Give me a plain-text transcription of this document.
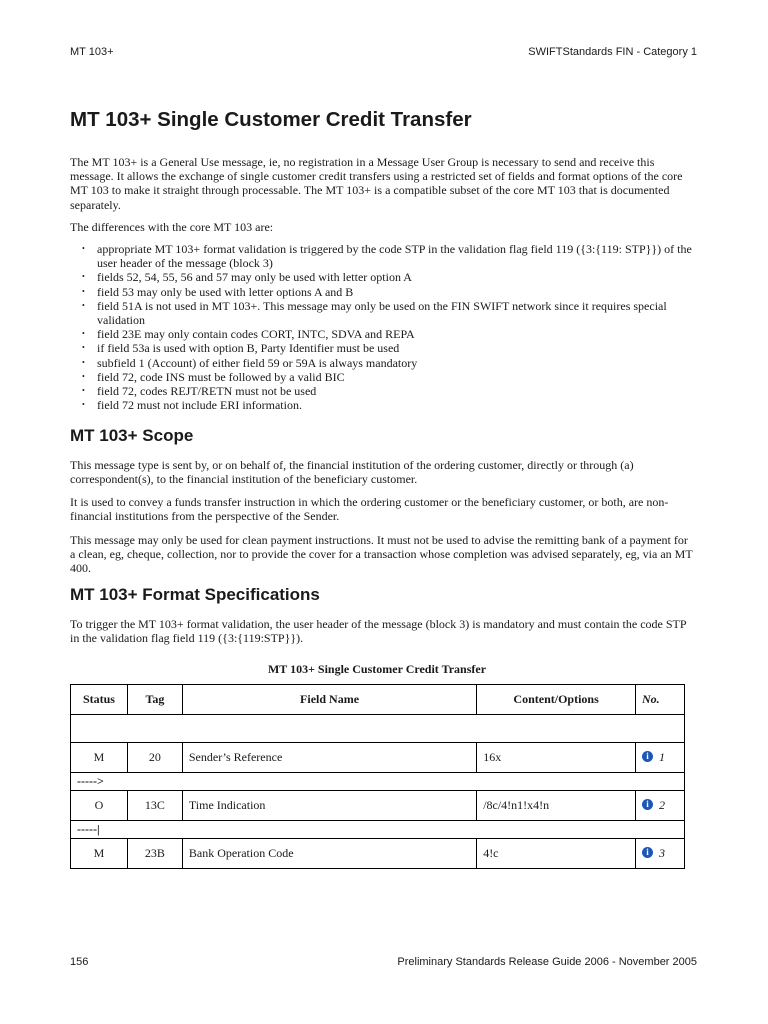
MT 103+	SWIFTStandards FIN - Category 1
MT 103+ Single Customer Credit Transfer

The MT 103+ is a General Use message, ie, no registration in a Message User Group is necessary to send and receive this message. It allows the exchange of single customer credit transfers using a restricted set of fields and format options of the core MT 103 to make it straight through processable. The MT 103+ is a compatible subset of the core MT 103 that is documented separately.

The differences with the core MT 103 are:

• appropriate MT 103+ format validation is triggered by the code STP in the validation flag field 119 ({3:{119: STP}}) of the user header of the message (block 3)
• fields 52, 54, 55, 56 and 57 may only be used with letter option A
• field 53 may only be used with letter options A and B
• field 51A is not used in MT 103+. This message may only be used on the FIN SWIFT network since it requires special validation
• field 23E may only contain codes CORT, INTC, SDVA and REPA
• if field 53a is used with option B, Party Identifier must be used
• subfield 1 (Account) of either field 59 or 59A is always mandatory
• field 72, code INS must be followed by a valid BIC
• field 72, codes REJT/RETN must not be used
• field 72 must not include ERI information.
MT 103+ Scope

This message type is sent by, or on behalf of, the financial institution of the ordering customer, directly or through (a) correspondent(s), to the financial institution of the beneficiary customer.

It is used to convey a funds transfer instruction in which the ordering customer or the beneficiary customer, or both, are non-financial institutions from the perspective of the Sender.

This message may only be used for clean payment instructions. It must not be used to advise the remitting bank of a payment for a clean, eg, cheque, collection, nor to provide the cover for a transaction whose completion was advised separately, eg, via an MT 400.

MT 103+ Format Specifications

To trigger the MT 103+ format validation, the user header of the message (block 3) is mandatory and must contain the code STP in the validation flag field 119 ({3:{119:STP}}).

MT 103+ Single Customer Credit Transfer
Status	Tag	Field Name	Content/Options	No.

M	20	Sender’s Reference	16x	i 1
----->				
O	13C	Time Indication	/8c/4!n1!x4!n	i 2
-----|				
M	23B	Bank Operation Code	4!c	i 3
156	Preliminary Standards Release Guide 2006 - November 2005
